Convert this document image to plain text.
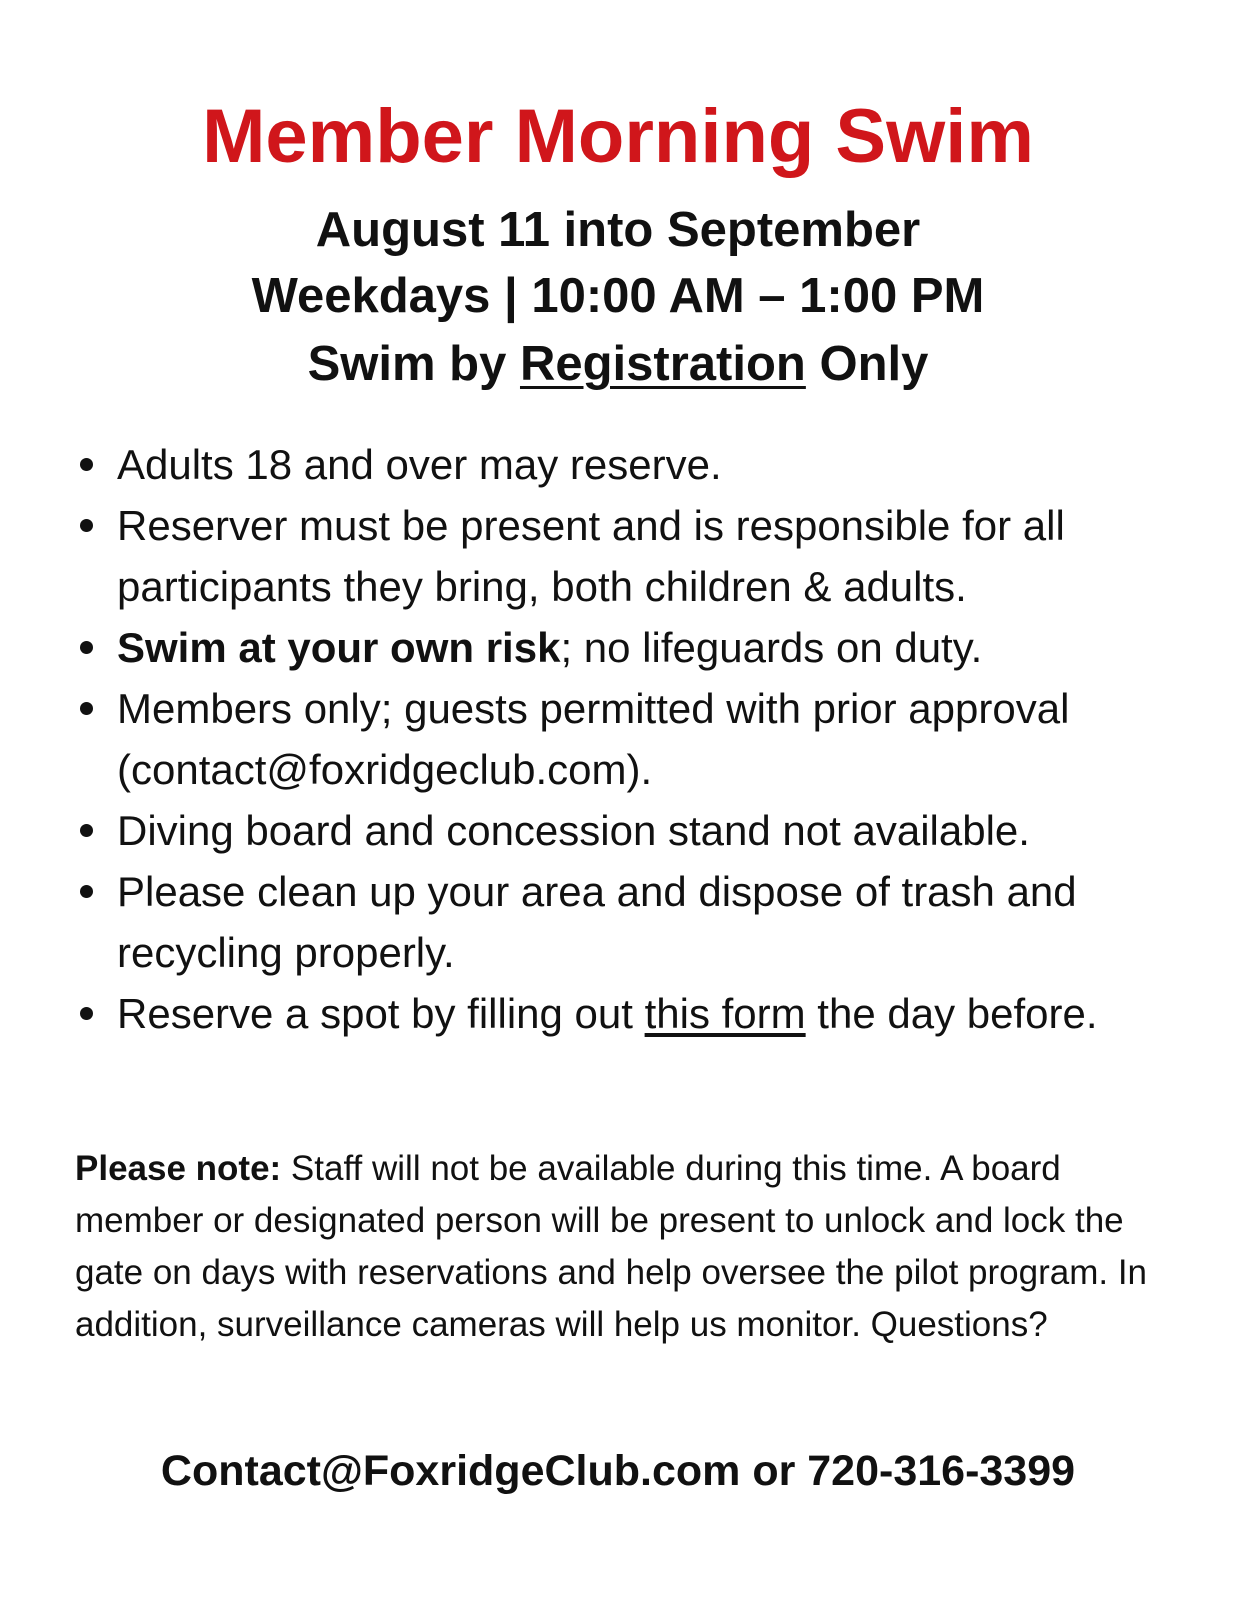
Member Morning Swim
August 11 into September
Weekdays | 10:00 AM – 1:00 PM
Swim by Registration Only
Adults 18 and over may reserve.
Reserver must be present and is responsible for all participants they bring, both children & adults.
Swim at your own risk; no lifeguards on duty.
Members only; guests permitted with prior approval (contact@foxridgeclub.com).
Diving board and concession stand not available.
Please clean up your area and dispose of trash and recycling properly.
Reserve a spot by filling out this form the day before.
Please note: Staff will not be available during this time. A board member or designated person will be present to unlock and lock the gate on days with reservations and help oversee the pilot program. In addition, surveillance cameras will help us monitor. Questions?
Contact@FoxridgeClub.com or 720-316-3399
